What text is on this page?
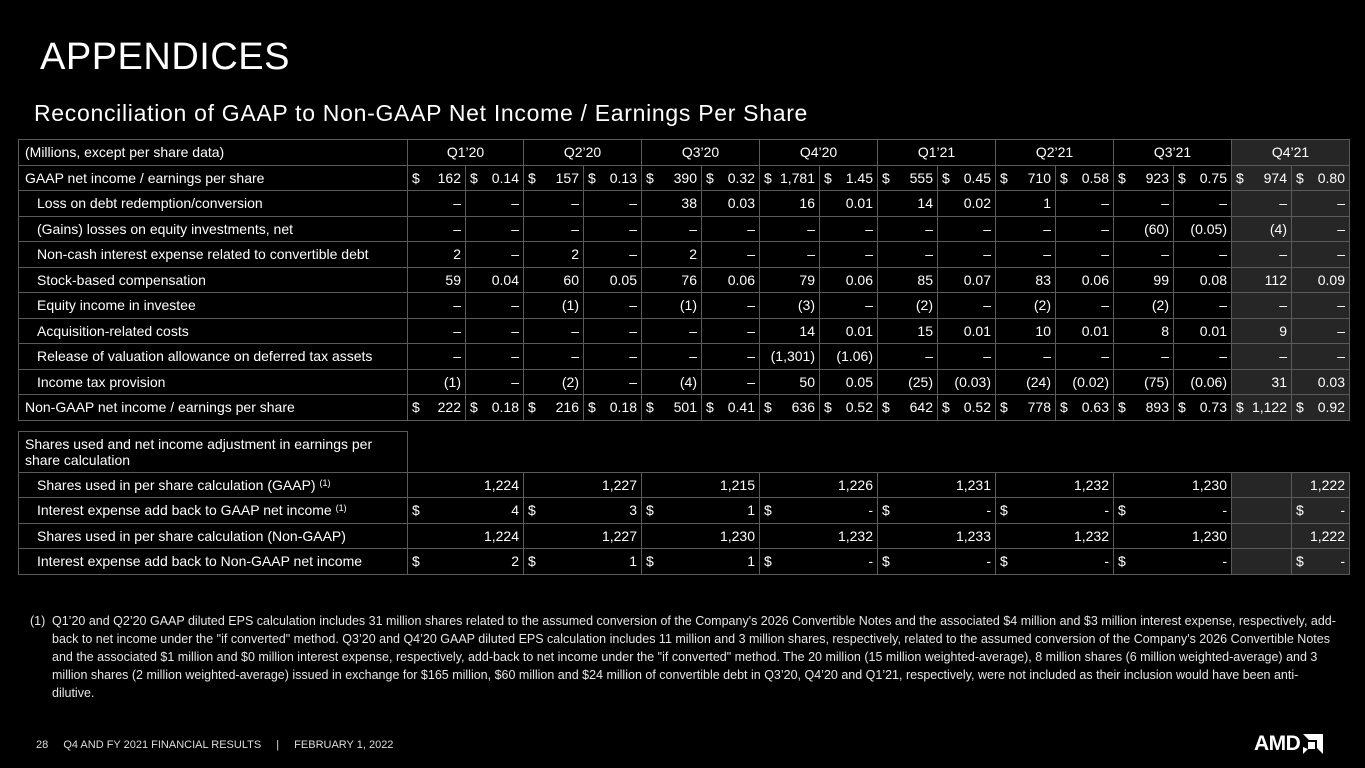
APPENDICES
Reconciliation of GAAP to Non-GAAP Net Income / Earnings Per Share
(Millions, except per share data)	Q1’20		Q2’20		Q3’20		Q4’20		Q1’21		Q2’21		Q3’21		Q4’21	
GAAP net income / earnings per share	$ 162	$ 0.14	$ 157	$ 0.13	$ 390	$ 0.32	$ 1,781	$ 1.45	$ 555	$ 0.45	$ 710	$ 0.58	$ 923	$ 0.75	$ 974	$ 0.80

Loss on debt redemption/conversion	–	–	–	–	38	0.03	16	0.01	14	0.02	1	–	–	–	–	–
(Gains) losses on equity investments, net	–	–	–	–	–	–	–	–	–	–	–	–	(60)	(0.05)	(4)	–
Non-cash interest expense related to convertible debt	2	–	2	–	2	–	–	–	–	–	–	–	–	–	–	–
Stock-based compensation	59	0.04	60	0.05	76	0.06	79	0.06	85	0.07	83	0.06	99	0.08	112	0.09
Equity income in investee	–	–	(1)	–	(1)	–	(3)	–	(2)	–	(2)	–	(2)	–	–	–
Acquisition-related costs	–	–	–	–	–	–	14	0.01	15	0.01	10	0.01	8	0.01	9	–
Release of valuation allowance on deferred tax assets	–	–	–	–	–	–	(1,301)	(1.06)	–	–	–	–	–	–	–	–
Income tax provision	(1)	–	(2)	–	(4)	–	50	0.05	(25)	(0.03)	(24)	(0.02)	(75)	(0.06)	31	0.03
Non-GAAP net income / earnings per share	$ 222	$ 0.18	$ 216	$ 0.18	$ 501	$ 0.41	$ 636	$ 0.52	$ 642	$ 0.52	$ 778	$ 0.63	$ 893	$ 0.73	$ 1,122	$ 0.92

Shares used and net income adjustment in earnings per share calculation																
Shares used in per share calculation (GAAP) $^{(1)}$	1,224		1,227		1,215		1,226		1,231		1,232		1,230			1,222
Interest expense add back to GAAP net income $^{(1)}$	$ 4		$ 3		$ 1		$ -		$ -		$ -		$ -			$ -

Shares used in per share calculation (Non-GAAP)	1,224		1,227		1,230		1,232		1,233		1,232		1,230			1,222
Interest expense add back to Non-GAAP net income	$ 2		$ 1		$ 1		$ -		$ -		$ -		$ -			$ -
(1) Q1’20 and Q2’20 GAAP diluted EPS calculation includes 31 million shares related to the assumed conversion of the Company's 2026 Convertible Notes and the associated $4 million and $3 million interest expense, respectively, add-back to net income under the "if converted" method. Q3’20 and Q4’20 GAAP diluted EPS calculation includes 11 million and 3 million shares, respectively, related to the assumed conversion of the Company's 2026 Convertible Notes and the associated $1 million and $0 million interest expense, respectively, add-back to net income under the "if converted" method. The 20 million (15 million weighted-average), 8 million shares (6 million weighted-average) and 3 million shares (2 million weighted-average) issued in exchange for $165 million, $60 million and $24 million of convertible debt in Q3’20, Q4’20 and Q1’21, respectively, were not included as their inclusion would have been anti-dilutive.
28 Q4 AND FY 2021 FINANCIAL RESULTS | FEBRUARY 1, 2022	AMD
